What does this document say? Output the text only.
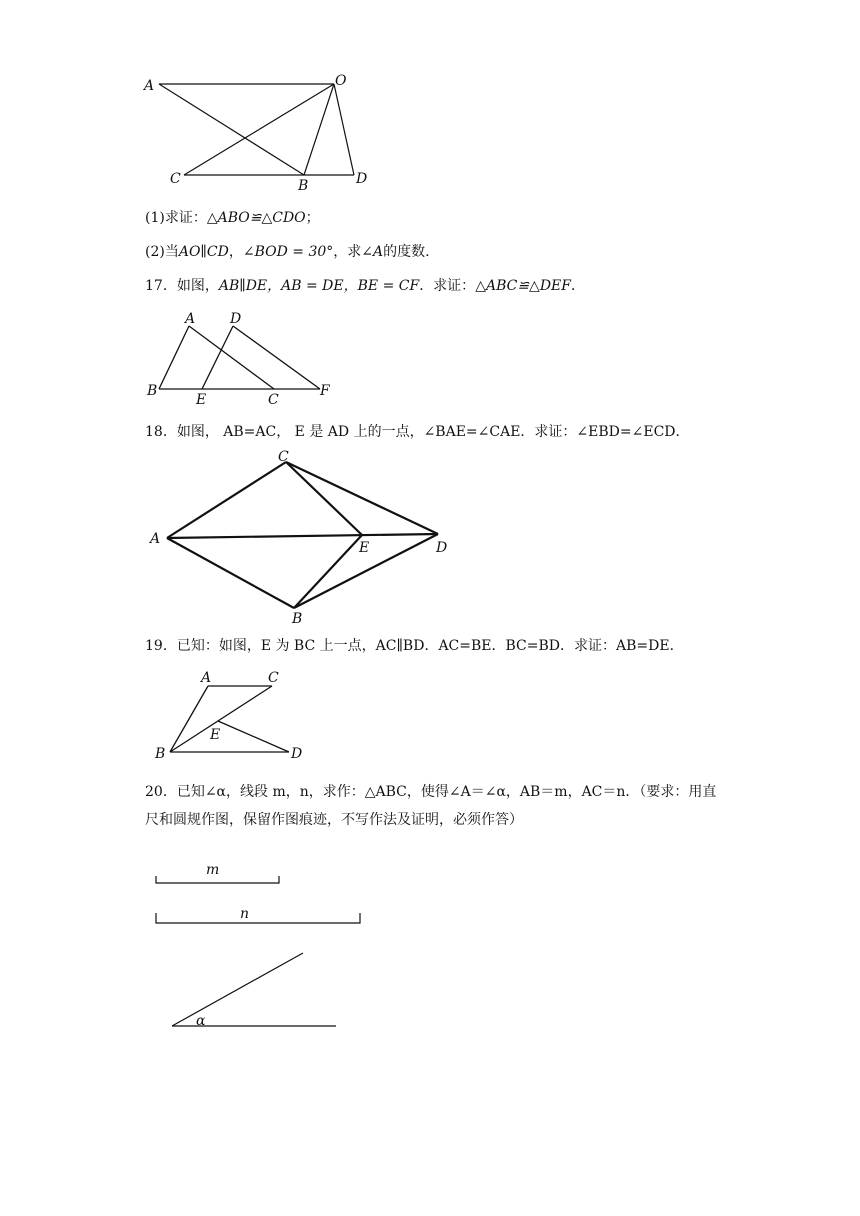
A	O
C	B	D
(1)求证：△ABO≌△CDO；
(2)当AO∥CD，∠BOD = 30°，求∠A的度数.
17．如图，AB∥DE，AB = DE，BE = CF．求证：△ABC≌△DEF．
A D
B
E	C
F
18．如图， AB=AC， E 是 AD 上的一点，∠BAE=∠CAE．求证：∠EBD=∠ECD．
C
A
E	D
B
19．已知：如图，E 为 BC 上一点，AC∥BD．AC=BE．BC=BD．求证：AB=DE．
A	C
E
B	D
20．已知∠α，线段 m，n，求作：△ABC，使得∠A＝∠α，AB＝m，AC＝n．（要求：用直尺和圆规作图，保留作图痕迹，不写作法及证明，必须作答）
m
n
α
